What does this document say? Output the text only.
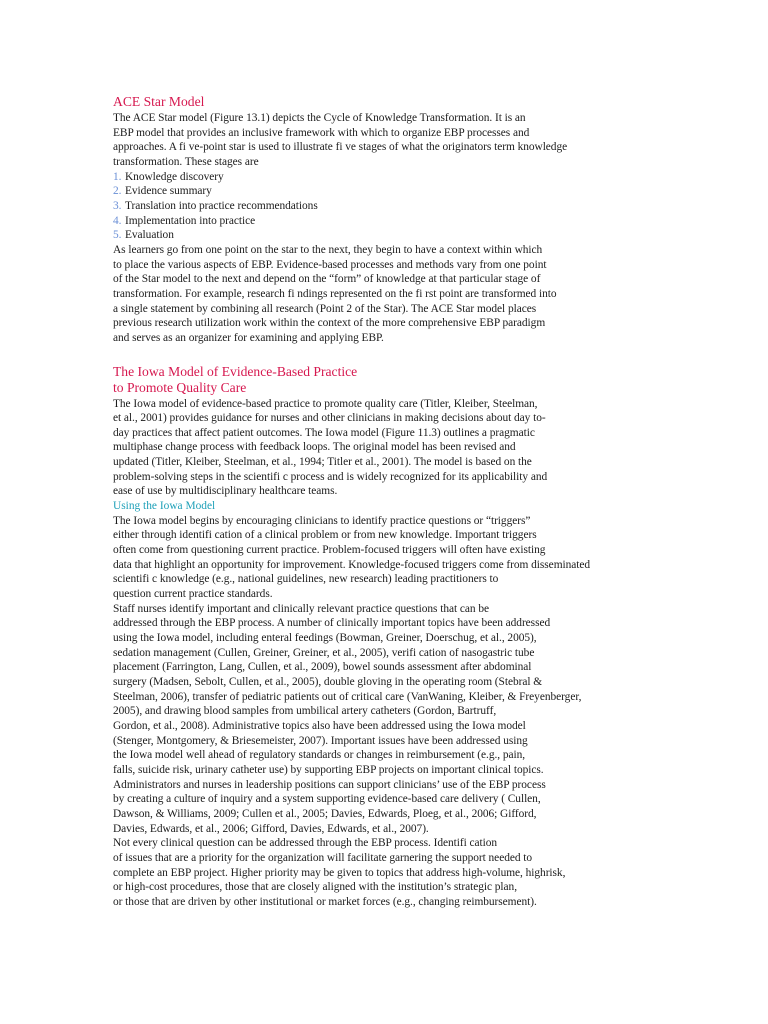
ACE Star Model
The ACE Star model (Figure 13.1) depicts the Cycle of Knowledge Transformation. It is an
EBP model that provides an inclusive framework with which to organize EBP processes and
approaches. A fi ve-point star is used to illustrate fi ve stages of what the originators term knowledge
transformation. These stages are
1. Knowledge discovery
2. Evidence summary
3. Translation into practice recommendations
4. Implementation into practice
5. Evaluation
As learners go from one point on the star to the next, they begin to have a context within which
to place the various aspects of EBP. Evidence-based processes and methods vary from one point
of the Star model to the next and depend on the “form” of knowledge at that particular stage of
transformation. For example, research fi ndings represented on the fi rst point are transformed into
a single statement by combining all research (Point 2 of the Star). The ACE Star model places
previous research utilization work within the context of the more comprehensive EBP paradigm
and serves as an organizer for examining and applying EBP.
The Iowa Model of Evidence-Based Practice
to Promote Quality Care
The Iowa model of evidence-based practice to promote quality care (Titler, Kleiber, Steelman,
et al., 2001) provides guidance for nurses and other clinicians in making decisions about day to-
day practices that affect patient outcomes. The Iowa model (Figure 11.3) outlines a pragmatic
multiphase change process with feedback loops. The original model has been revised and
updated (Titler, Kleiber, Steelman, et al., 1994; Titler et al., 2001). The model is based on the
problem-solving steps in the scientifi c process and is widely recognized for its applicability and
ease of use by multidisciplinary healthcare teams.
Using the Iowa Model
The Iowa model begins by encouraging clinicians to identify practice questions or “triggers”
either through identifi cation of a clinical problem or from new knowledge. Important triggers
often come from questioning current practice. Problem-focused triggers will often have existing
data that highlight an opportunity for improvement. Knowledge-focused triggers come from disseminated
scientifi c knowledge (e.g., national guidelines, new research) leading practitioners to
question current practice standards.
Staff nurses identify important and clinically relevant practice questions that can be
addressed through the EBP process. A number of clinically important topics have been addressed
using the Iowa model, including enteral feedings (Bowman, Greiner, Doerschug, et al., 2005),
sedation management (Cullen, Greiner, Greiner, et al., 2005), verifi cation of nasogastric tube
placement (Farrington, Lang, Cullen, et al., 2009), bowel sounds assessment after abdominal
surgery (Madsen, Sebolt, Cullen, et al., 2005), double gloving in the operating room (Stebral &
Steelman, 2006), transfer of pediatric patients out of critical care (VanWaning, Kleiber, & Freyenberger,
2005), and drawing blood samples from umbilical artery catheters (Gordon, Bartruff,
Gordon, et al., 2008). Administrative topics also have been addressed using the Iowa model
(Stenger, Montgomery, & Briesemeister, 2007). Important issues have been addressed using
the Iowa model well ahead of regulatory standards or changes in reimbursement (e.g., pain,
falls, suicide risk, urinary catheter use) by supporting EBP projects on important clinical topics.
Administrators and nurses in leadership positions can support clinicians’ use of the EBP process
by creating a culture of inquiry and a system supporting evidence-based care delivery ( Cullen,
Dawson, & Williams, 2009; Cullen et al., 2005; Davies, Edwards, Ploeg, et al., 2006; Gifford,
Davies, Edwards, et al., 2006; Gifford, Davies, Edwards, et al., 2007).
Not every clinical question can be addressed through the EBP process. Identifi cation
of issues that are a priority for the organization will facilitate garnering the support needed to
complete an EBP project. Higher priority may be given to topics that address high-volume, highrisk,
or high-cost procedures, those that are closely aligned with the institution’s strategic plan,
or those that are driven by other institutional or market forces (e.g., changing reimbursement).
